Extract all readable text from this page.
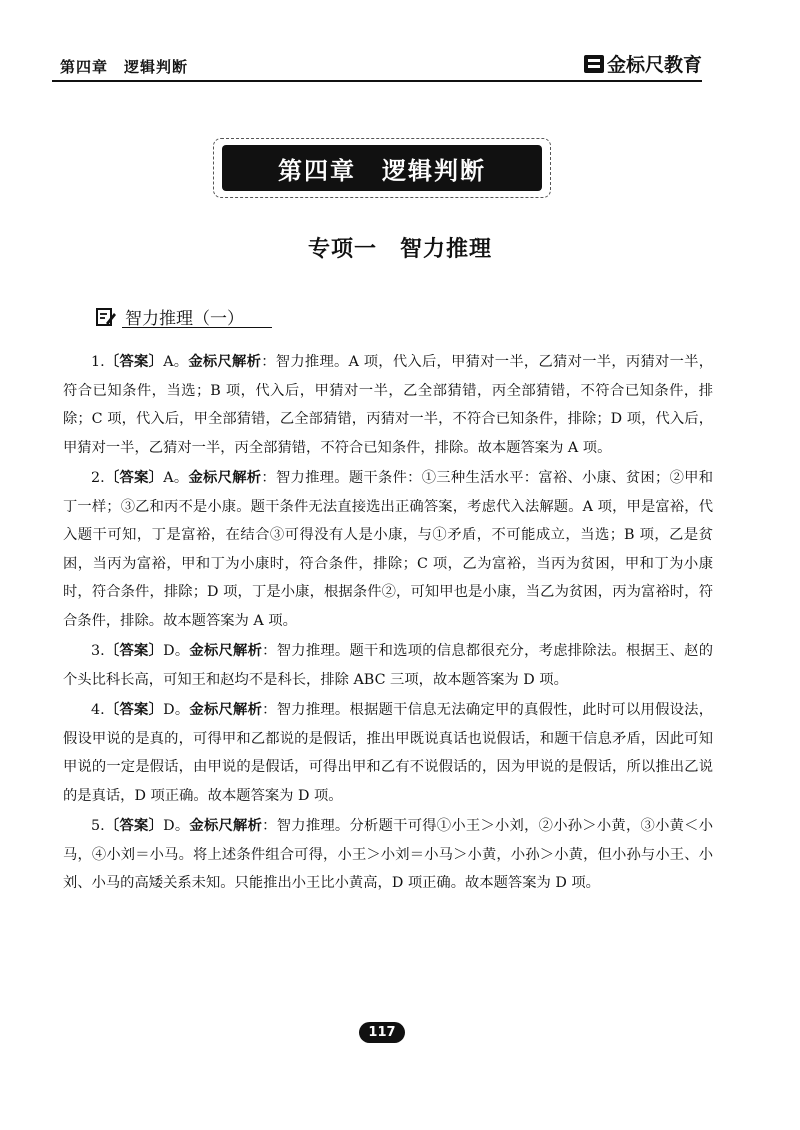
第四章　逻辑判断	金标尺教育
第四章　逻辑判断
专项一　智力推理
智力推理（一）

1.〔答案〕A。金标尺解析：智力推理。A 项，代入后，甲猜对一半，乙猜对一半，丙猜对一半，符合已知条件，当选；B 项，代入后，甲猜对一半，乙全部猜错，丙全部猜错，不符合已知条件，排除；C 项，代入后，甲全部猜错，乙全部猜错，丙猜对一半，不符合已知条件，排除；D 项，代入后，甲猜对一半，乙猜对一半，丙全部猜错，不符合已知条件，排除。故本题答案为 A 项。

2.〔答案〕A。金标尺解析：智力推理。题干条件：①三种生活水平：富裕、小康、贫困；②甲和丁一样；③乙和丙不是小康。题干条件无法直接选出正确答案，考虑代入法解题。A 项，甲是富裕，代入题干可知，丁是富裕，在结合③可得没有人是小康，与①矛盾，不可能成立，当选；B 项，乙是贫困，当丙为富裕，甲和丁为小康时，符合条件，排除；C 项，乙为富裕，当丙为贫困，甲和丁为小康时，符合条件，排除；D 项，丁是小康，根据条件②，可知甲也是小康，当乙为贫困，丙为富裕时，符合条件，排除。故本题答案为 A 项。

3.〔答案〕D。金标尺解析：智力推理。题干和选项的信息都很充分，考虑排除法。根据王、赵的个头比科长高，可知王和赵均不是科长，排除 ABC 三项，故本题答案为 D 项。

4.〔答案〕D。金标尺解析：智力推理。根据题干信息无法确定甲的真假性，此时可以用假设法，假设甲说的是真的，可得甲和乙都说的是假话，推出甲既说真话也说假话，和题干信息矛盾，因此可知甲说的一定是假话，由甲说的是假话，可得出甲和乙有不说假话的，因为甲说的是假话，所以推出乙说的是真话，D 项正确。故本题答案为 D 项。

5.〔答案〕D。金标尺解析：智力推理。分析题干可得①小王＞小刘，②小孙＞小黄，③小黄＜小马，④小刘＝小马。将上述条件组合可得，小王＞小刘＝小马＞小黄，小孙＞小黄，但小孙与小王、小刘、小马的高矮关系未知。只能推出小王比小黄高，D 项正确。故本题答案为 D 项。

117
